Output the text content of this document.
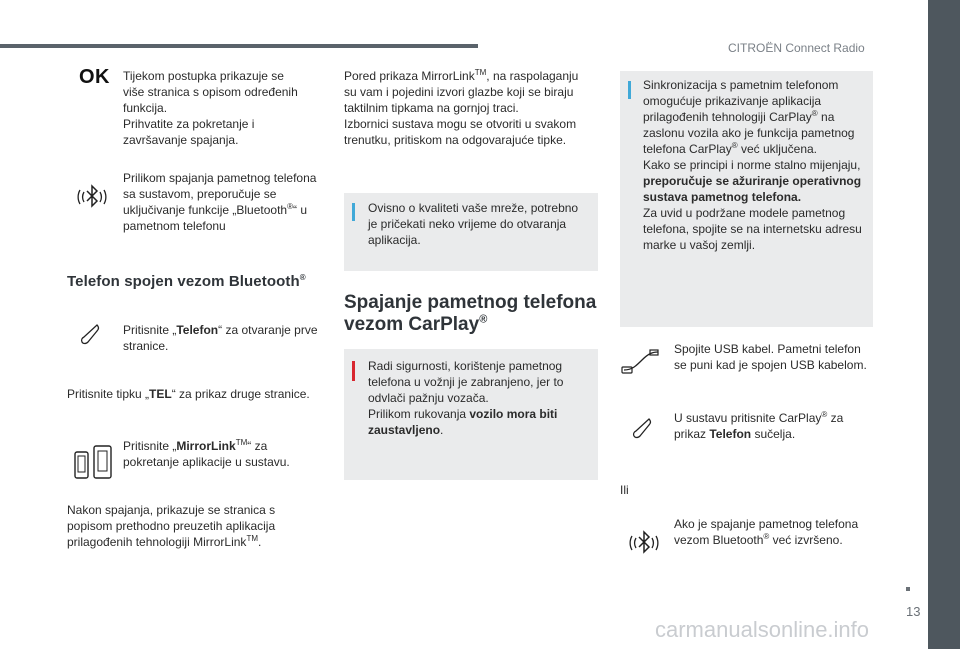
CITROËN Connect Radio
OK Tijekom postupka prikazuje se

više stranica s opisom određenih

funkcija.

Prihvatite za pokretanje i

završavanje spajanja.

Prilikom spajanja pametnog telefona

sa sustavom, preporučuje se

uključivanje funkcije „Bluetooth®“ u

pametnom telefonu

Telefon spojen vezom Bluetooth®

Pritisnite „Telefon“ za otvaranje prve

stranice.

Pritisnite tipku „TEL“ za prikaz druge stranice.

Pritisnite „MirrorLink™“ za

pokretanje aplikacije u sustavu.

Nakon spajanja, prikazuje se stranica s

popisom prethodno preuzetih aplikacija

prilagođenih tehnologiji MirrorLink™.

Pored prikaza MirrorLink™, na raspolaganju

su vam i pojedini izvori glazbe koji se biraju

taktilnim tipkama na gornjoj traci.

Izbornici sustava mogu se otvoriti u svakom

trenutku, pritiskom na odgovarajuće tipke.

Ovisno o kvaliteti vaše mreže, potrebno

je pričekati neko vrijeme do otvaranja

aplikacija.

Spajanje pametnog telefona
vezom CarPlay®

Radi sigurnosti, korištenje pametnog

telefona u vožnji je zabranjeno, jer to

odvlači pažnju vozača.

Prilikom rukovanja vozilo mora biti

zaustavljeno.

Sinkronizacija s pametnim telefonom

omogućuje prikazivanje aplikacija

prilagođenih tehnologiji CarPlay® na

zaslonu vozila ako je funkcija pametnog

telefona CarPlay® već uključena.

Kako se principi i norme stalno mijenjaju,

preporučuje se ažuriranje operativnog

sustava pametnog telefona.

Za uvid u podržane modele pametnog

telefona, spojite se na internetsku adresu

marke u vašoj zemlji.

Spojite USB kabel. Pametni telefon

se puni kad je spojen USB kabelom.

U sustavu pritisnite CarPlay® za

prikaz Telefon sučelja.

Ili

Ako je spajanje pametnog telefona

vezom Bluetooth® već izvršeno.

13
carmanualsonline.info
